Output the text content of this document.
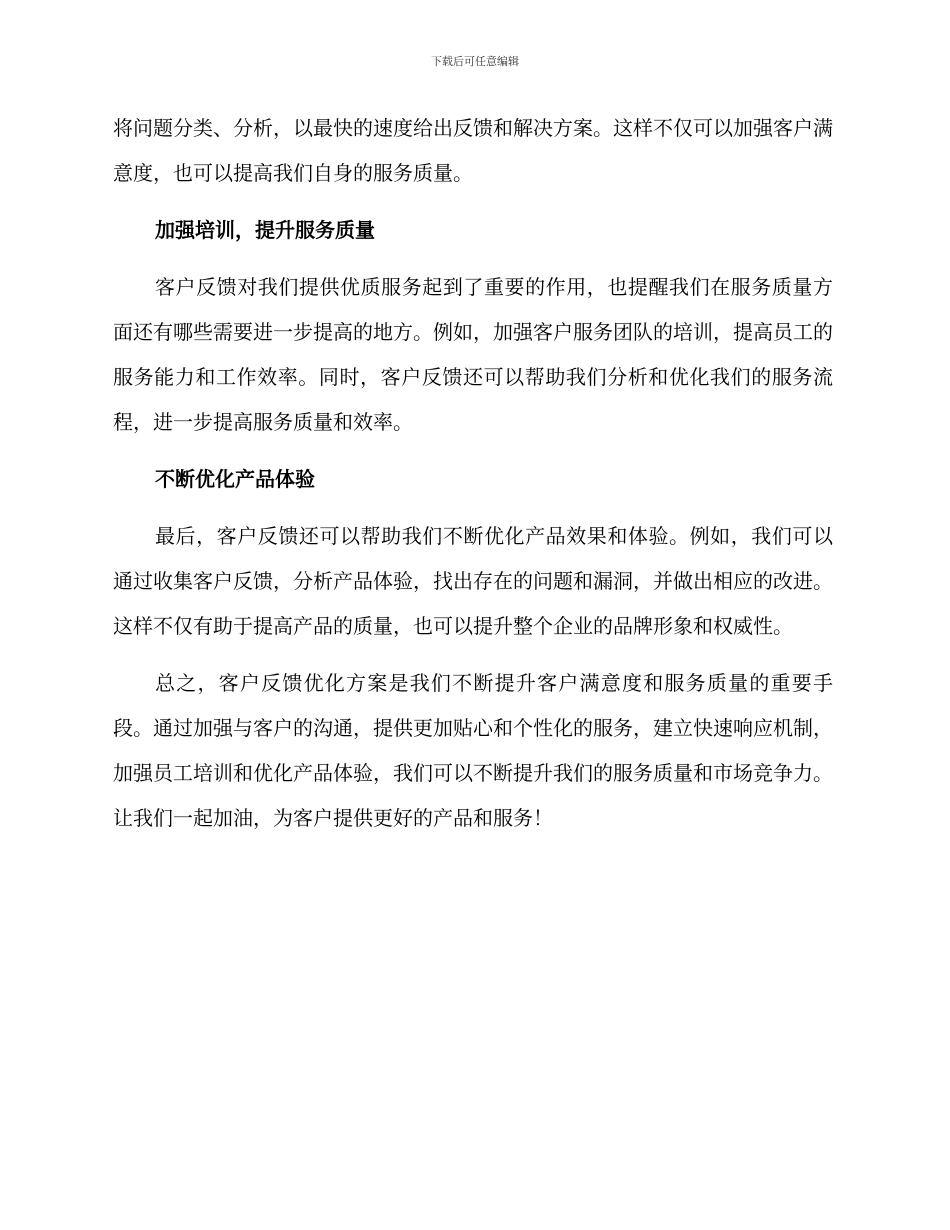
下载后可任意编辑

将问题分类、分析，以最快的速度给出反馈和解决方案。这样不仅可以加强客户满意度，也可以提高我们自身的服务质量。

加强培训，提升服务质量

客户反馈对我们提供优质服务起到了重要的作用，也提醒我们在服务质量方面还有哪些需要进一步提高的地方。例如，加强客户服务团队的培训，提高员工的服务能力和工作效率。同时，客户反馈还可以帮助我们分析和优化我们的服务流程，进一步提高服务质量和效率。

不断优化产品体验

最后，客户反馈还可以帮助我们不断优化产品效果和体验。例如，我们可以通过收集客户反馈，分析产品体验，找出存在的问题和漏洞，并做出相应的改进。这样不仅有助于提高产品的质量，也可以提升整个企业的品牌形象和权威性。

总之，客户反馈优化方案是我们不断提升客户满意度和服务质量的重要手段。通过加强与客户的沟通，提供更加贴心和个性化的服务，建立快速响应机制，加强员工培训和优化产品体验，我们可以不断提升我们的服务质量和市场竞争力。让我们一起加油，为客户提供更好的产品和服务！
